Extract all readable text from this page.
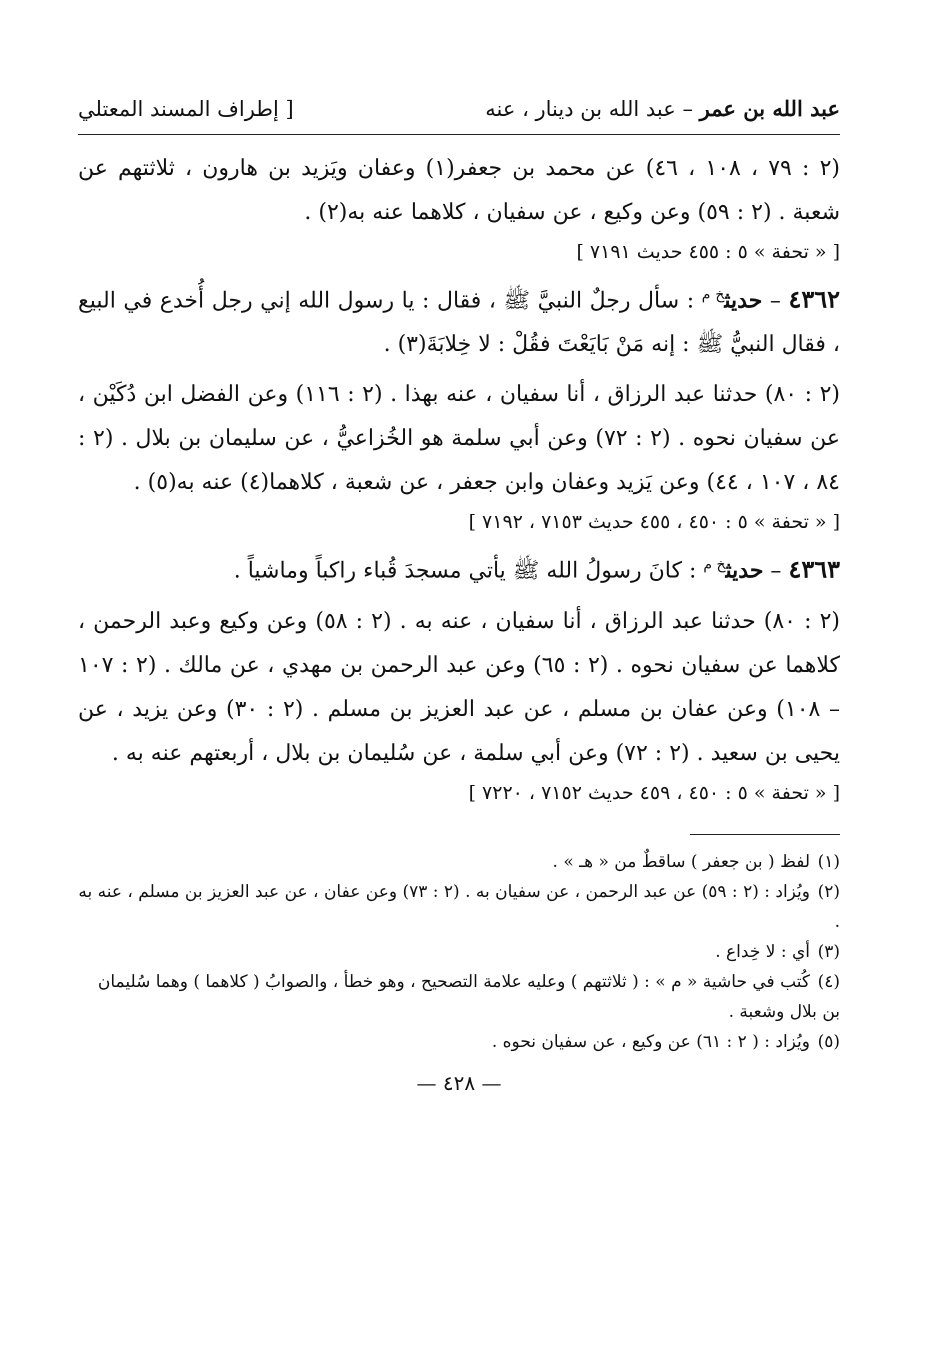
عبد الله بن عمر – عبد الله بن دينار ، عنه
[ إطراف المسند المعتلي

(٢ : ٧٩ ، ١٠٨ ، ٤٦) عن محمد بن جعفر(١) وعفان ويَزيد بن هارون ، ثلاثتهم عن شعبة . (٢ : ٥٩) وعن وكيع ، عن سفيان ، كلاهما عنه به(٢) .

[ « تحفة » ٥ : ٤٥٥ حديث ٧١٩١ ]

٤٣٦٢ – حديث$^{خ م}$ : سأل رجلٌ النبيَّ ﷺ ، فقال : يا رسول الله إني رجل أُخدع في البيع ، فقال النبيُّ ﷺ : إنه مَنْ بَايَعْتَ فقُلْ : لا خِلابَةَ(٣) .

(٢ : ٨٠) حدثنا عبد الرزاق ، أنا سفيان ، عنه بهذا . (٢ : ١١٦) وعن الفضل ابن دُكَيْن ، عن سفيان نحوه . (٢ : ٧٢) وعن أبي سلمة هو الخُزاعيُّ ، عن سليمان بن بلال . (٢ : ٨٤ ، ١٠٧ ، ٤٤) وعن يَزيد وعفان وابن جعفر ، عن شعبة ، كلاهما(٤) عنه به(٥) .

[ « تحفة » ٥ : ٤٥٠ ، ٤٥٥ حديث ٧١٥٣ ، ٧١٩٢ ]

٤٣٦٣ – حديث$^{خ م}$ : كانَ رسولُ الله ﷺ يأتي مسجدَ قُباء راكباً وماشياً .

(٢ : ٨٠) حدثنا عبد الرزاق ، أنا سفيان ، عنه به . (٢ : ٥٨) وعن وكيع وعبد الرحمن ، كلاهما عن سفيان نحوه . (٢ : ٦٥) وعن عبد الرحمن بن مهدي ، عن مالك . (٢ : ١٠٧ – ١٠٨) وعن عفان بن مسلم ، عن عبد العزيز بن مسلم . (٢ : ٣٠) وعن يزيد ، عن يحيى بن سعيد . (٢ : ٧٢) وعن أبي سلمة ، عن سُليمان بن بلال ، أربعتهم عنه به .

[ « تحفة » ٥ : ٤٥٠ ، ٤٥٩ حديث ٧١٥٢ ، ٧٢٢٠ ]

(١)لفظ ( بن جعفر ) ساقطٌ من « هـ » .

(٢)ويُزاد : (٢ : ٥٩) عن عبد الرحمن ، عن سفيان به . (٢ : ٧٣) وعن عفان ، عن عبد العزيز بن مسلم ، عنه به .

(٣)أي : لا خِداع .

(٤)كُتب في حاشية « م » : ( ثلاثتهم ) وعليه علامة التصحيح ، وهو خطأ ، والصوابُ ( كلاهما ) وهما سُليمان بن بلال وشعبة .

(٥)ويُزاد : ( ٢ : ٦١) عن وكيع ، عن سفيان نحوه .

— ٤٢٨ —
